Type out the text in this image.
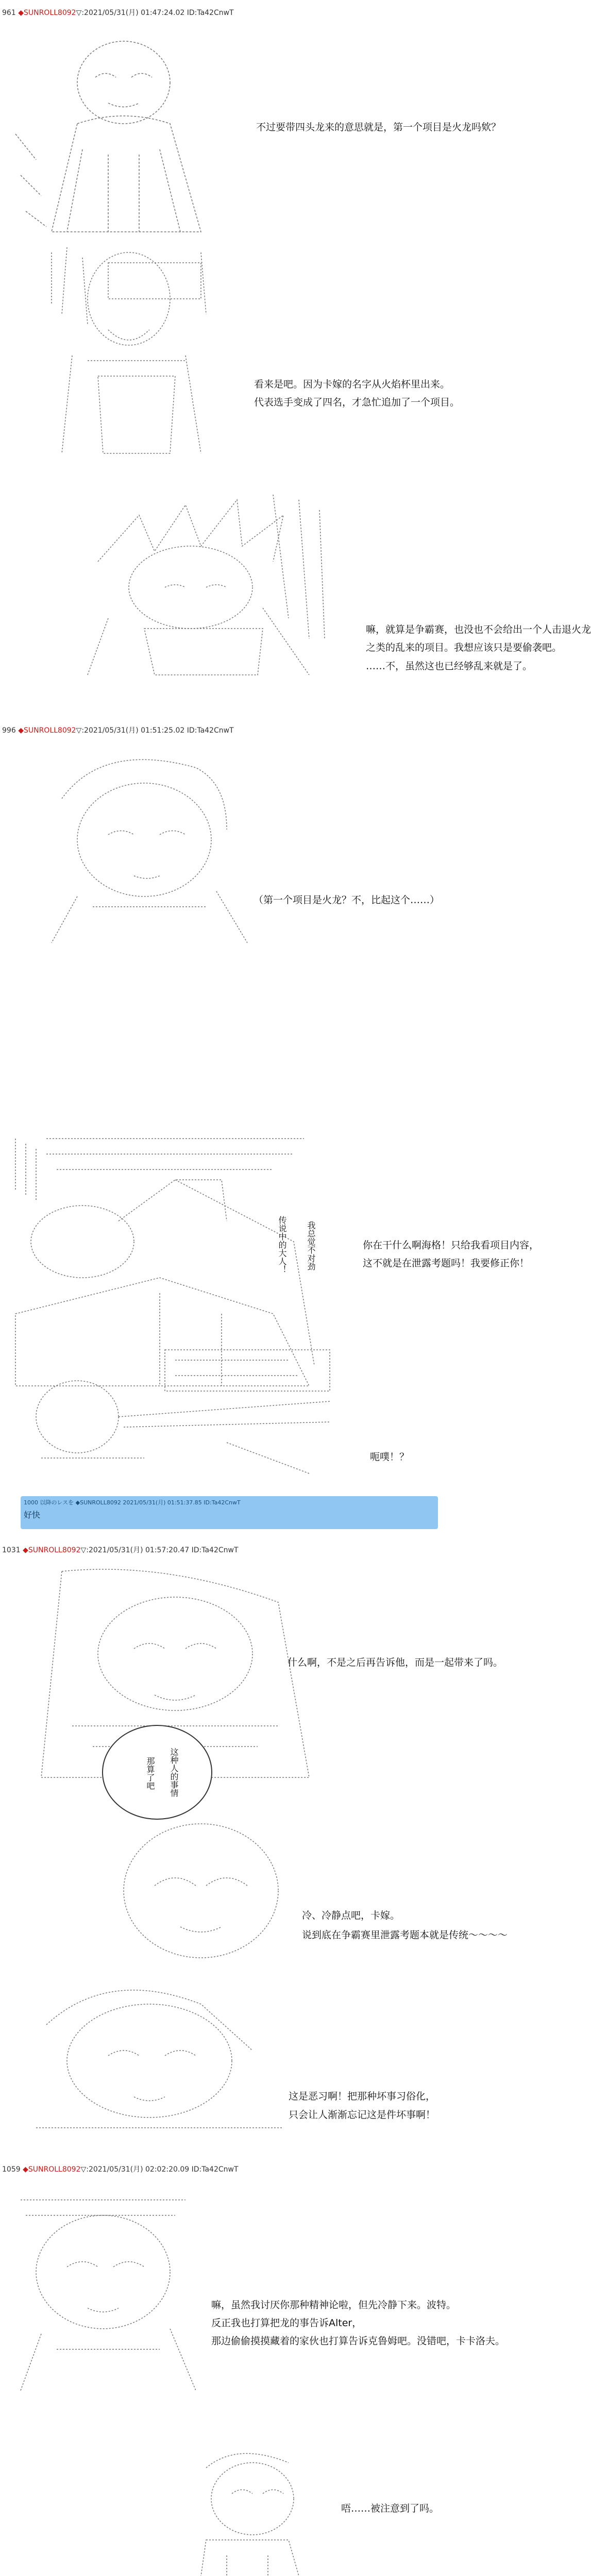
961 ◆SUNROLL8092▽:2021/05/31(月) 01:47:24.02 ID:Ta42CnwT
不过要带四头龙来的意思就是，第一个项目是火龙吗欸？
看来是吧。因为卡嫁的名字从火焰杯里出来。
代表选手变成了四名，才急忙追加了一个项目。
嘛，就算是争霸赛，也没也不会给出一个人击退火龙
之类的乱来的项目。我想应该只是要偷袭吧。
……不，虽然这也已经够乱来就是了。
996 ◆SUNROLL8092▽:2021/05/31(月) 01:51:25.02 ID:Ta42CnwT
（第一个项目是火龙？不，比起这个……）
我总觉不对劲
传说中的大人！	你在干什么啊海格！只给我看项目内容，
这不就是在泄露考题吗！我要修正你！
呃噗！？
1000 以降のレスを ◆SUNROLL8092 2021/05/31(月) 01:51:37.85 ID:Ta42CnwT
好快
1031 ◆SUNROLL8092▽:2021/05/31(月) 01:57:20.47 ID:Ta42CnwT
什么啊，不是之后再告诉他，而是一起带来了吗。
这种人的事情
那算了吧
冷、冷静点吧，卡嫁。
说到底在争霸赛里泄露考题本就是传统～～～～
这是恶习啊！把那种坏事习俗化，
只会让人渐渐忘记这是件坏事啊！
1059 ◆SUNROLL8092▽:2021/05/31(月) 02:02:20.09 ID:Ta42CnwT
嘛，虽然我讨厌你那种精神论啦，但先冷静下来。波特。
反正我也打算把龙的事告诉Alter，
那边偷偷摸摸藏着的家伙也打算告诉克鲁姆吧。没错吧，卡卡洛夫。
唔……被注意到了吗。
